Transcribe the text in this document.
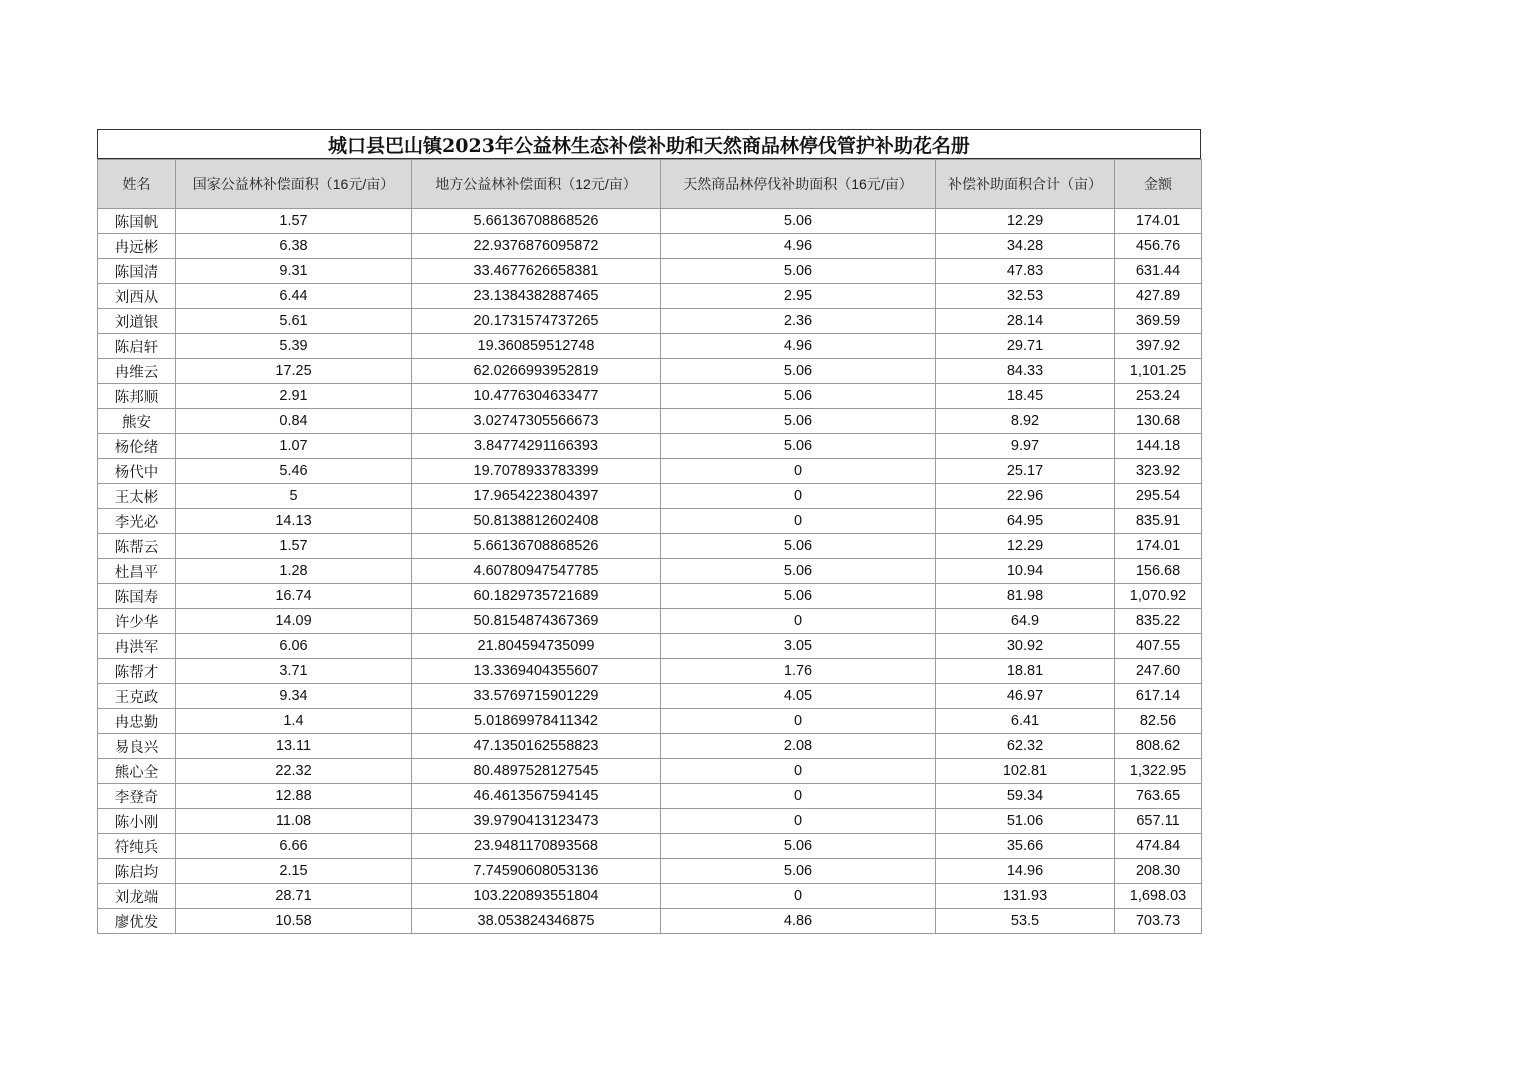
城口县巴山镇2023年公益林生态补偿补助和天然商品林停伐管护补助花名册
姓名	国家公益林补偿面积（16元/亩）	地方公益林补偿面积（12元/亩）	天然商品林停伐补助面积（16元/亩）	补偿补助面积合计（亩）	金额
陈国帆	1.57	5.66136708868526	5.06	12.29	174.01
冉远彬	6.38	22.9376876095872	4.96	34.28	456.76
陈国清	9.31	33.4677626658381	5.06	47.83	631.44
刘西从	6.44	23.1384382887465	2.95	32.53	427.89
刘道银	5.61	20.1731574737265	2.36	28.14	369.59
陈启轩	5.39	19.360859512748	4.96	29.71	397.92
冉维云	17.25	62.0266993952819	5.06	84.33	1,101.25
陈邦顺	2.91	10.4776304633477	5.06	18.45	253.24
熊安	0.84	3.02747305566673	5.06	8.92	130.68
杨伦绪	1.07	3.84774291166393	5.06	9.97	144.18
杨代中	5.46	19.7078933783399	0	25.17	323.92
王太彬	5	17.9654223804397	0	22.96	295.54
李光必	14.13	50.8138812602408	0	64.95	835.91
陈帮云	1.57	5.66136708868526	5.06	12.29	174.01
杜昌平	1.28	4.60780947547785	5.06	10.94	156.68
陈国寿	16.74	60.1829735721689	5.06	81.98	1,070.92
许少华	14.09	50.8154874367369	0	64.9	835.22
冉洪军	6.06	21.804594735099	3.05	30.92	407.55
陈帮才	3.71	13.3369404355607	1.76	18.81	247.60
王克政	9.34	33.5769715901229	4.05	46.97	617.14
冉忠勤	1.4	5.01869978411342	0	6.41	82.56
易良兴	13.11	47.1350162558823	2.08	62.32	808.62
熊心全	22.32	80.4897528127545	0	102.81	1,322.95
李登奇	12.88	46.4613567594145	0	59.34	763.65
陈小刚	11.08	39.9790413123473	0	51.06	657.11
符纯兵	6.66	23.9481170893568	5.06	35.66	474.84
陈启均	2.15	7.74590608053136	5.06	14.96	208.30
刘龙端	28.71	103.220893551804	0	131.93	1,698.03
廖优发	10.58	38.053824346875	4.86	53.5	703.73
